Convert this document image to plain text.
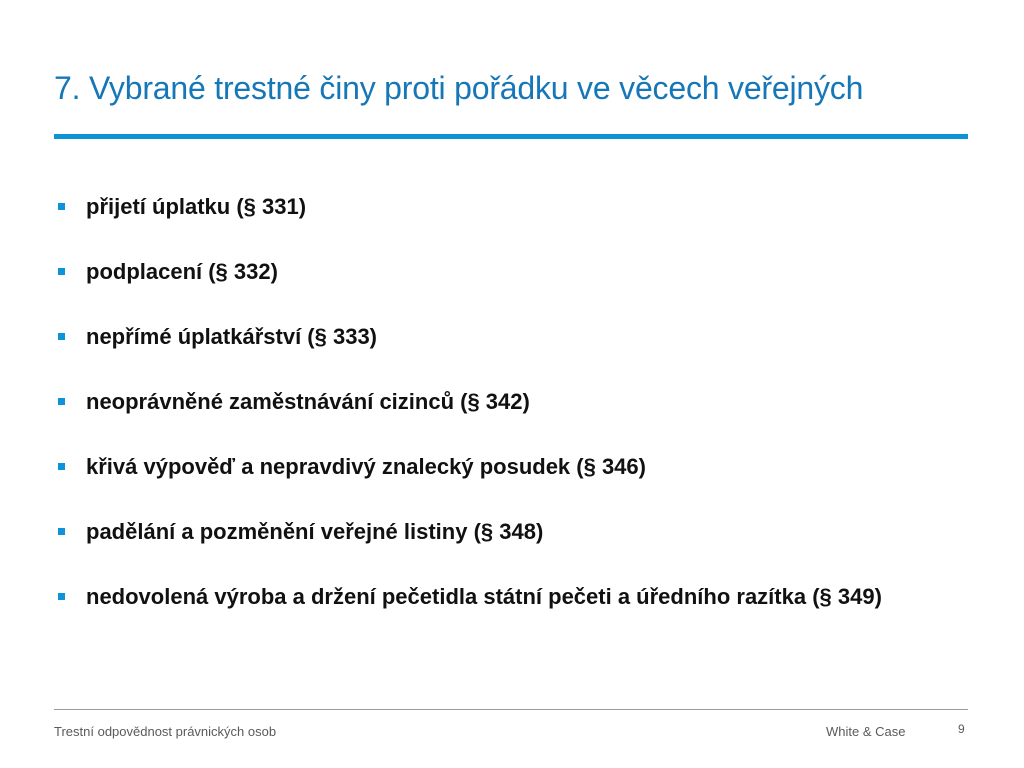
7. Vybrané trestné činy proti pořádku ve věcech veřejných
přijetí úplatku (§ 331)
podplacení (§ 332)
nepřímé úplatkářství (§ 333)
neoprávněné zaměstnávání cizinců (§ 342)
křivá výpověď a nepravdivý znalecký posudek (§ 346)
padělání a pozměnění veřejné listiny (§ 348)
nedovolená výroba a držení pečetidla státní pečeti a úředního razítka (§ 349)
Trestní odpovědnost právnických osob	White & Case	9
